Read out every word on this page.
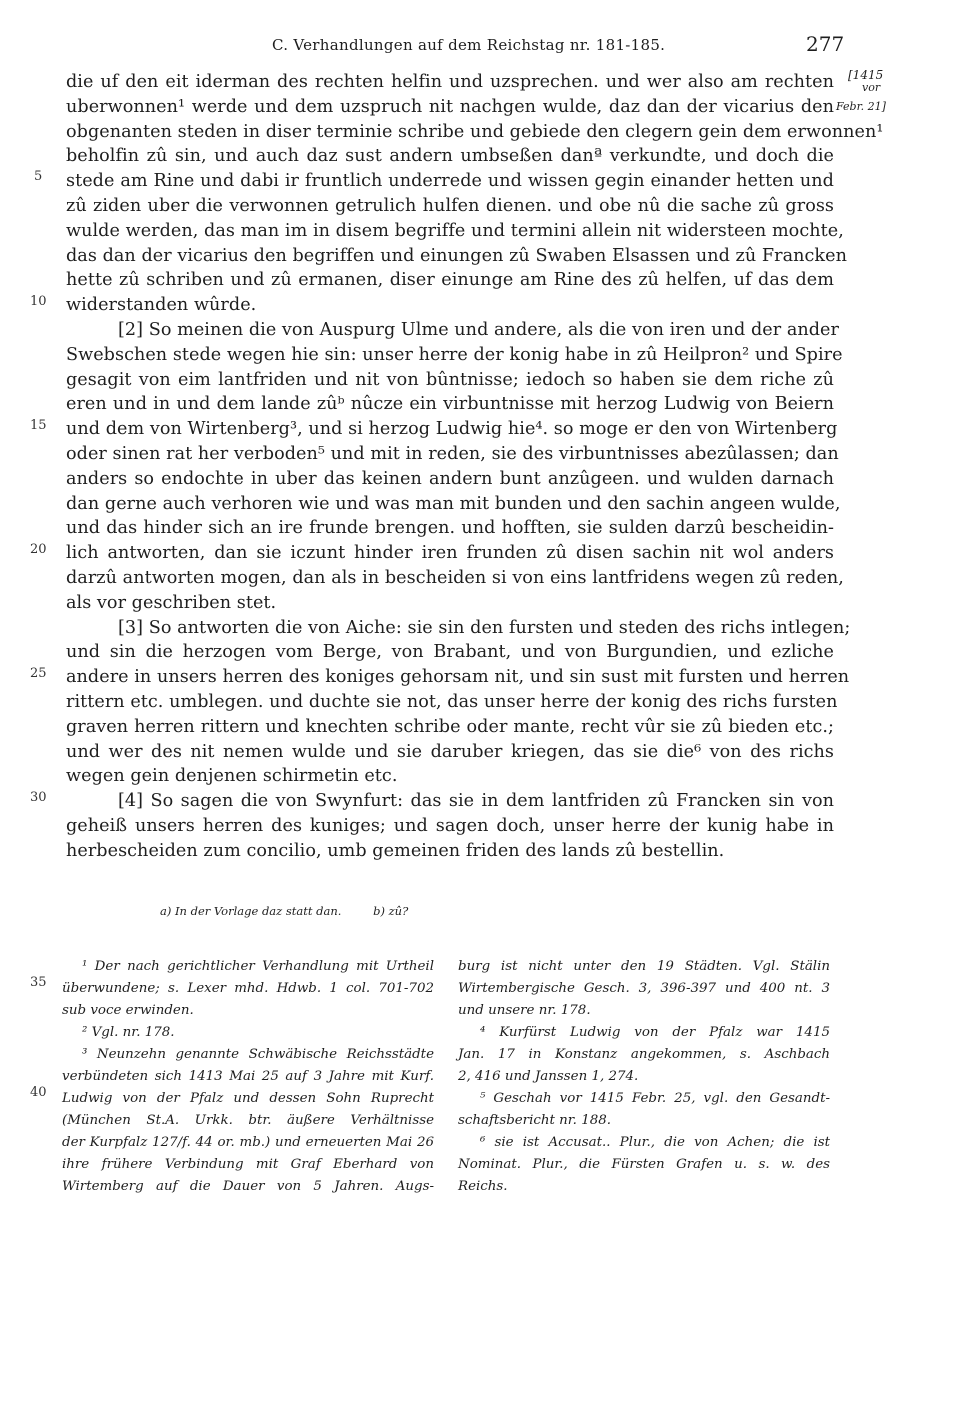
C. Verhandlungen auf dem Reichstag nr. 181-185.	277
[1415
vor
Febr. 21]
5
10
15
20
25
30
35
40
die uf den eit iderman des rechten helfin und uzsprechen. und wer also am rechten
uberwonnen¹ werde und dem uzspruch nit nachgen wulde, daz dan der vicarius den
obgenanten steden in diser terminie schribe und gebiede den clegern gein dem erwonnen¹
beholfin zû sin, und auch daz sust andern umbseßen danª verkundte, und doch die
stede am Rine und dabi ir fruntlich underrede und wissen gegin einander hetten und
zû ziden uber die verwonnen getrulich hulfen dienen. und obe nû die sache zû gross
wulde werden, das man im in disem begriffe und termini allein nit widersteen mochte,
das dan der vicarius den begriffen und einungen zû Swaben Elsassen und zû Francken
hette zû schriben und zû ermanen, diser einunge am Rine des zû helfen, uf das dem
widerstanden wûrde.
[2] So meinen die von Auspurg Ulme und andere, als die von iren und der ander
Swebschen stede wegen hie sin: unser herre der konig habe in zû Heilpron² und Spire
gesagit von eim lantfriden und nit von bûntnisse; iedoch so haben sie dem riche zû
eren und in und dem lande zûᵇ nûcze ein virbuntnisse mit herzog Ludwig von Beiern
und dem von Wirtenberg³, und si herzog Ludwig hie⁴. so moge er den von Wirtenberg
oder sinen rat her verboden⁵ und mit in reden, sie des virbuntnisses abezûlassen; dan
anders so endochte in uber das keinen andern bunt anzûgeen. und wulden darnach
dan gerne auch verhoren wie und was man mit bunden und den sachin angeen wulde,
und das hinder sich an ire frunde brengen. und hofften, sie sulden darzû bescheidin-
lich antworten, dan sie iczunt hinder iren frunden zû disen sachin nit wol anders
darzû antworten mogen, dan als in bescheiden si von eins lantfridens wegen zû reden,
als vor geschriben stet.
[3] So antworten die von Aiche: sie sin den fursten und steden des richs intlegen;
und sin die herzogen vom Berge, von Brabant, und von Burgundien, und ezliche
andere in unsers herren des koniges gehorsam nit, und sin sust mit fursten und herren
rittern etc. umblegen. und duchte sie not, das unser herre der konig des richs fursten
graven herren rittern und knechten schribe oder mante, recht vûr sie zû bieden etc.;
und wer des nit nemen wulde und sie daruber kriegen, das sie die⁶ von des richs
wegen gein denjenen schirmetin etc.
[4] So sagen die von Swynfurt: das sie in dem lantfriden zû Francken sin von
geheiß unsers herren des kuniges; und sagen doch, unser herre der kunig habe in
herbescheiden zum concilio, umb gemeinen friden des lands zû bestellin.
a) In der Vorlage daz statt dan.	b) zû?
¹ Der nach gerichtlicher Verhandlung mit Urtheil
überwundene; s. Lexer mhd. Hdwb. 1 col. 701-702
sub voce erwinden.
² Vgl. nr. 178.
³ Neunzehn genannte Schwäbische Reichsstädte
verbündeten sich 1413 Mai 25 auf 3 Jahre mit Kurf.
Ludwig von der Pfalz und dessen Sohn Ruprecht
(München St.A. Urkk. btr. äußere Verhältnisse
der Kurpfalz 127/f. 44 or. mb.) und erneuerten Mai 26
ihre frühere Verbindung mit Graf Eberhard von
Wirtemberg auf die Dauer von 5 Jahren. Augs-
burg ist nicht unter den 19 Städten. Vgl. Stälin
Wirtembergische Gesch. 3, 396-397 und 400 nt. 3
und unsere nr. 178.
⁴ Kurfürst Ludwig von der Pfalz war 1415
Jan. 17 in Konstanz angekommen, s. Aschbach
2, 416 und Janssen 1, 274.
⁵ Geschah vor 1415 Febr. 25, vgl. den Gesandt-
schaftsbericht nr. 188.
⁶ sie ist Accusat.. Plur., die von Achen; die ist
Nominat. Plur., die Fürsten Grafen u. s. w. des
Reichs.
